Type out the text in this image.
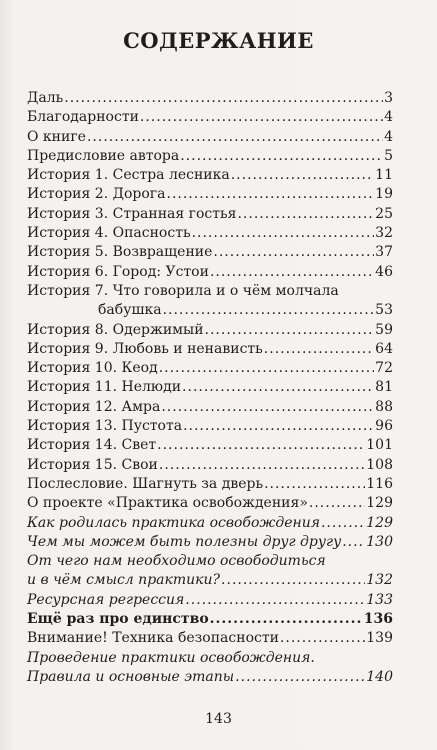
СОДЕРЖАНИЕ
Даль .....	3
Благодарности .....	4
О книге .....	4
Предисловие автора .....	5
История 1. Сестра лесника .....	11
История 2. Дорога .....	19
История 3. Странная гостья .....	25
История 4. Опасность .....	32
История 5. Возвращение .....	37
История 6. Город: Устои .....	46
История 7. Что говорила и о чём молчала
бабушка .....	53
История 8. Одержимый .....	59
История 9. Любовь и ненависть .....	64
История 10. Кеод .....	72
История 11. Нелюди .....	81
История 12. Амра .....	88
История 13. Пустота .....	96
История 14. Свет .....	101
История 15. Свои .....	108
Послесловие. Шагнуть за дверь .....	116
О проекте «Практика освобождения» .....	129
Как родилась практика освобождения .....	129
Чем мы можем быть полезны друг другу ..... 130
От чего нам необходимо освободиться
и в чём смысл практики? .....	132
Ресурсная регрессия .....	133
Ещё раз про единство .....	136
Внимание! Техника безопасности .....	139
Проведение практики освобождения.
Правила и основные этапы .....	140
143
